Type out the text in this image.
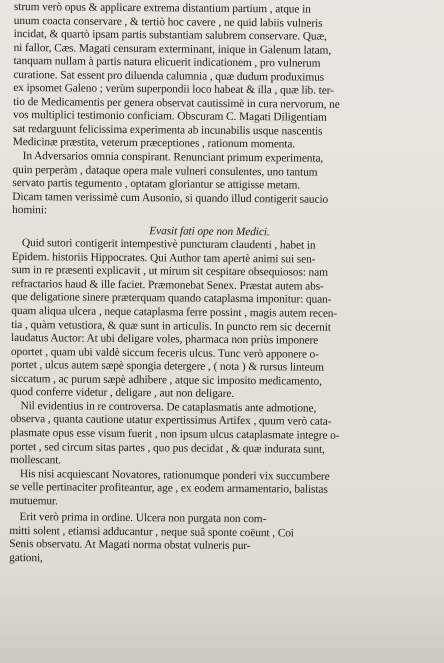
strum verò opus & applicare extrema distantium partium , atque in
unum coacta conservare , & tertiò hoc cavere , ne quid labiis vulneris
incidat, & quartò ipsam partis substantiam salubrem conservare. Quæ,
ni fallor, Cæs. Magati censuram exterminant, inique in Galenum latam,
tanquam nullam à partis natura elicuerit indicationem , pro vulnerum
curatione. Sat essent pro diluenda calumnia , quæ dudum produximus
ex ipsomet Galeno ; verùm superpondii loco habeat & illa , quæ lib. ter-
tio de Medicamentis per genera observat cautissimè in cura nervorum, ne
vos multiplici testimonio conficiam. Obscuram C. Magati Diligentiam
sat redarguunt felicissima experimenta ab incunabilis usque nascentis
Medicinæ præstita, veterum præceptiones , rationum momenta.
In Adversarios omnia conspirant. Renunciant primum experimenta,
quin perperàm , dataque opera male vulneri consulentes, uno tantum
servato partis tegumento , optatam gloriantur se attigisse metam.
Dicam tamen verissimè cum Ausonio, si quando illud contigerit saucio
homini:
Evasit fati ope non Medici.
Quid sutori contigerit intempestivè puncturam claudenti , habet in
Epidem. historiis Hippocrates. Qui Author tam apertè animi sui sen-
sum in re præsenti explicavit , ut mirum sit cespitare obsequiosos: nam
refractarios haud & ille faciet. Præmonebat Senex. Præstat autem abs-
que deligatione sinere præterquam quando cataplasma imponitur: quan-
quam aliqua ulcera , neque cataplasma ferre possint , magis autem recen-
tia , quàm vetustiora, & quæ sunt in articulis. In puncto rem sic decernit
laudatus Auctor: At ubi deligare voles, pharmaca non priùs imponere
oportet , quam ubi valdè siccum feceris ulcus. Tunc verò apponere o-
portet , ulcus autem sæpè spongia detergere , ( nota ) & rursus linteum
siccatum , ac purum sæpè adhibere , atque sic imposito medicamento,
quod conferre videtur , deligare , aut non deligare.
Nil evidentius in re controversa. De cataplasmatis ante admotione,
observa , quanta cautione utatur expertissimus Artifex , quum verò cata-
plasmate opus esse visum fuerit , non ipsum ulcus cataplasmate integre o-
portet , sed circum sitas partes , quo pus decidat , & quæ indurata sunt,
mollescant.
His nisi acquiescant Novatores, rationumque ponderi vix succumbere
se velle pertinaciter profiteantur, age , ex eodem armamentario, balistas
mutuemur.
Erit verò prima in ordine. Ulcera non purgata non com-
mitti solent , etiamsi adducantur , neque suâ sponte coëunt , Coi
Senis observatu. At Magati norma obstat vulneris pur-
gationi,
